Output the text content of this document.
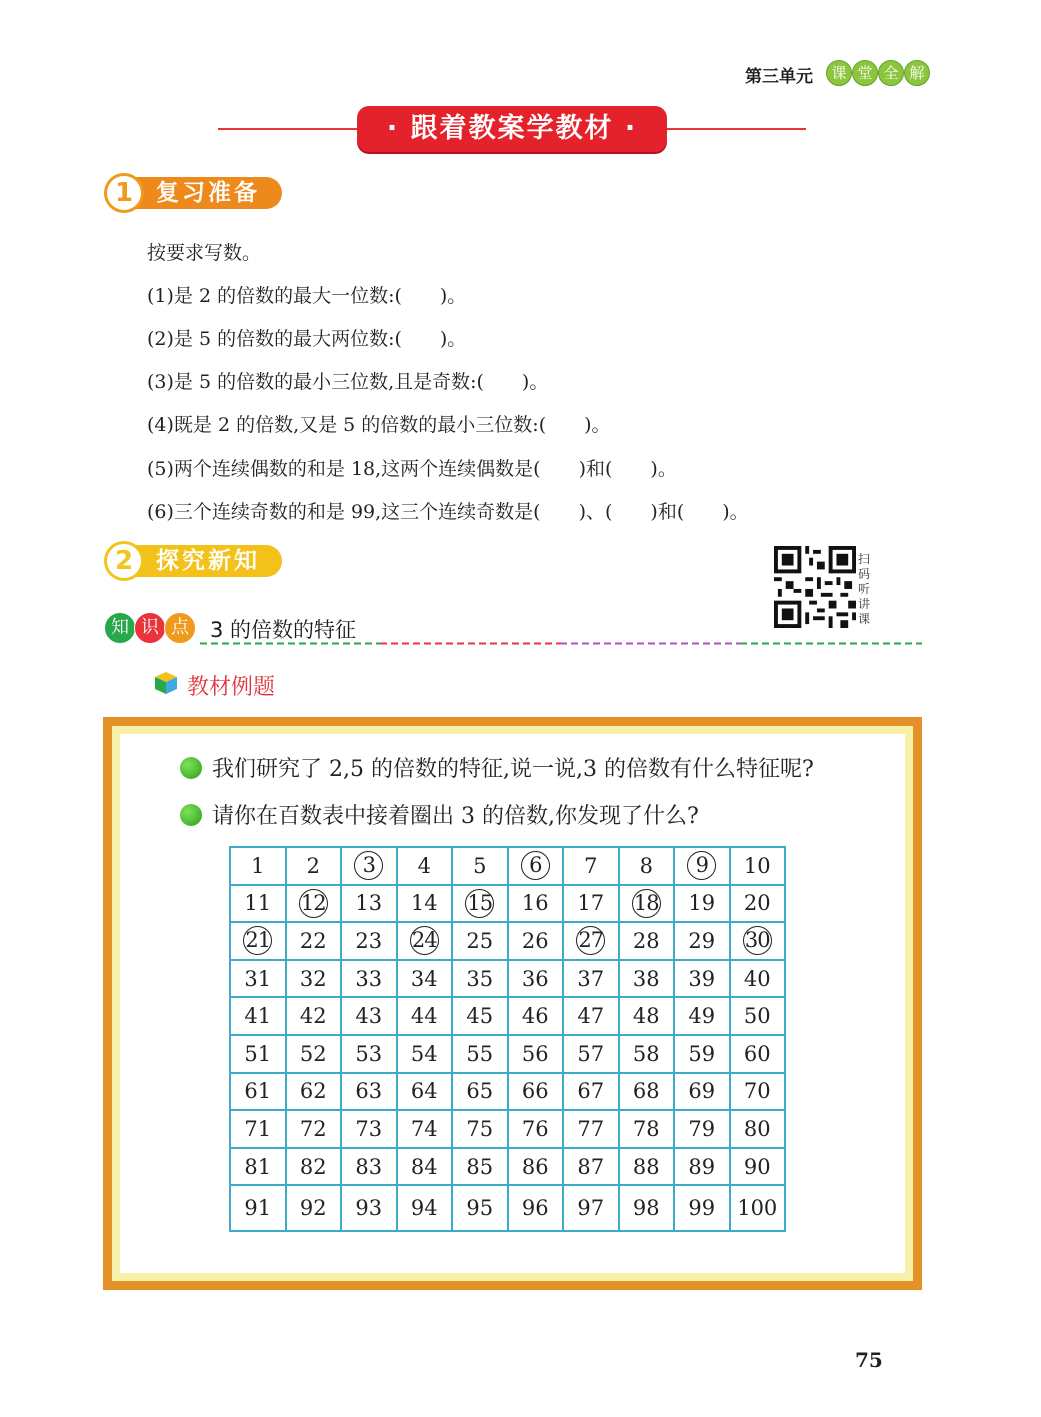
第三单元	课 堂 全 解
· 跟着教案学教材 ·
1 复习准备
按要求写数。
(1)是 2 的倍数的最大一位数:(　　)。
(2)是 5 的倍数的最大两位数:(　　)。
(3)是 5 的倍数的最小三位数,且是奇数:(　　)。
(4)既是 2 的倍数,又是 5 的倍数的最小三位数:(　　)。
(5)两个连续偶数的和是 18,这两个连续偶数是(　　)和(　　)。
(6)三个连续奇数的和是 99,这三个连续奇数是(　　)、(　　)和(　　)。
2 探究新知	扫
码
听
讲
课
知 识 点	3 的倍数的特征
教材例题
我们研究了 2,5 的倍数的特征,说一说,3 的倍数有什么特征呢?
请你在百数表中接着圈出 3 的倍数,你发现了什么?
1	2	3	4	5	6	7	8	9	10
11	12	13	14	15	16	17	18	19	20
21	22	23	24	25	26	27	28	29	30
31	32	33	34	35	36	37	38	39	40
41	42	43	44	45	46	47	48	49	50
51	52	53	54	55	56	57	58	59	60
61	62	63	64	65	66	67	68	69	70
71	72	73	74	75	76	77	78	79	80
81	82	83	84	85	86	87	88	89	90
91	92	93	94	95	96	97	98	99	100
75
